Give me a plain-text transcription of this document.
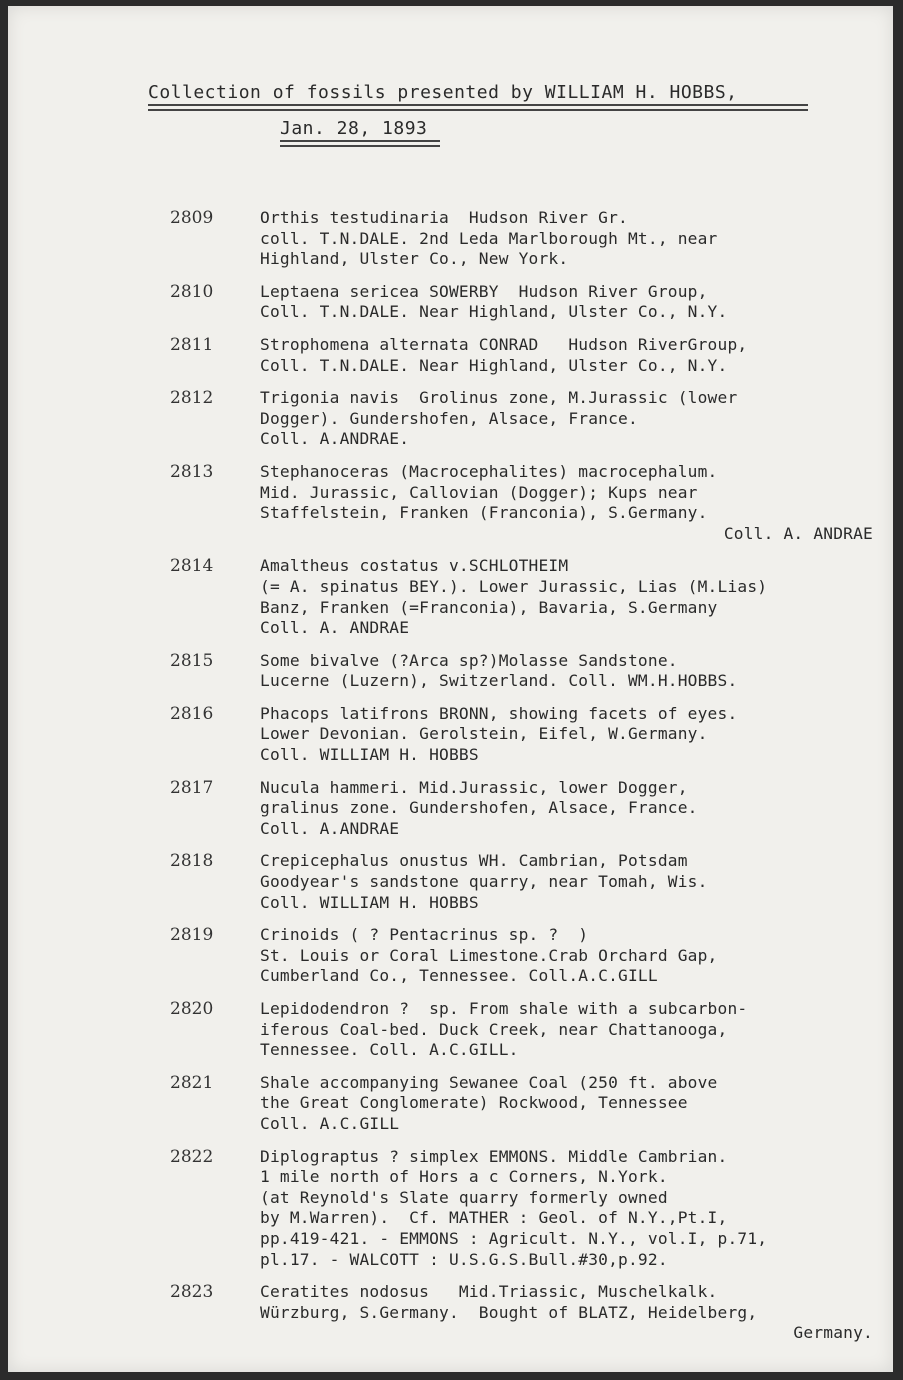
Collection of fossils presented by WILLIAM H. HOBBS,
Jan. 28, 1893
2809	Orthis testudinaria  Hudson River Gr.
coll. T.N.DALE. 2nd Leda Marlborough Mt., near
Highland, Ulster Co., New York.
2810	Leptaena sericea SOWERBY  Hudson River Group,
Coll. T.N.DALE. Near Highland, Ulster Co., N.Y.
2811	Strophomena alternata CONRAD   Hudson RiverGroup,
Coll. T.N.DALE. Near Highland, Ulster Co., N.Y.
2812	Trigonia navis  Grolinus zone, M.Jurassic (lower
Dogger). Gundershofen, Alsace, France.
Coll. A.ANDRAE.
2813	Stephanoceras (Macrocephalites) macrocephalum.
Mid. Jurassic, Callovian (Dogger); Kups near
Staffelstein, Franken (Franconia), S.Germany.
Coll. A. ANDRAE
2814	Amaltheus costatus v.SCHLOTHEIM
(= A. spinatus BEY.). Lower Jurassic, Lias (M.Lias)
Banz, Franken (=Franconia), Bavaria, S.Germany
Coll. A. ANDRAE
2815	Some bivalve (?Arca sp?)Molasse Sandstone.
Lucerne (Luzern), Switzerland. Coll. WM.H.HOBBS.
2816	Phacops latifrons BRONN, showing facets of eyes.
Lower Devonian. Gerolstein, Eifel, W.Germany.
Coll. WILLIAM H. HOBBS
2817	Nucula hammeri. Mid.Jurassic, lower Dogger,
gralinus zone. Gundershofen, Alsace, France.
Coll. A.ANDRAE
2818	Crepicephalus onustus WH. Cambrian, Potsdam
Goodyear's sandstone quarry, near Tomah, Wis.
Coll. WILLIAM H. HOBBS
2819	Crinoids ( ? Pentacrinus sp. ?  )
St. Louis or Coral Limestone.Crab Orchard Gap,
Cumberland Co., Tennessee. Coll.A.C.GILL
2820	Lepidodendron ?  sp. From shale with a subcarbon-
iferous Coal-bed. Duck Creek, near Chattanooga,
Tennessee. Coll. A.C.GILL.
2821	Shale accompanying Sewanee Coal (250 ft. above
the Great Conglomerate) Rockwood, Tennessee
Coll. A.C.GILL
2822	Diplograptus ? simplex EMMONS. Middle Cambrian.
1 mile north of Hors a c Corners, N.York.
(at Reynold's Slate quarry formerly owned
by M.Warren).  Cf. MATHER : Geol. of N.Y.,Pt.I,
pp.419-421. - EMMONS : Agricult. N.Y., vol.I, p.71,
pl.17. - WALCOTT : U.S.G.S.Bull.#30,p.92.
2823	Ceratites nodosus   Mid.Triassic, Muschelkalk.
Würzburg, S.Germany.  Bought of BLATZ, Heidelberg,
Germany.
